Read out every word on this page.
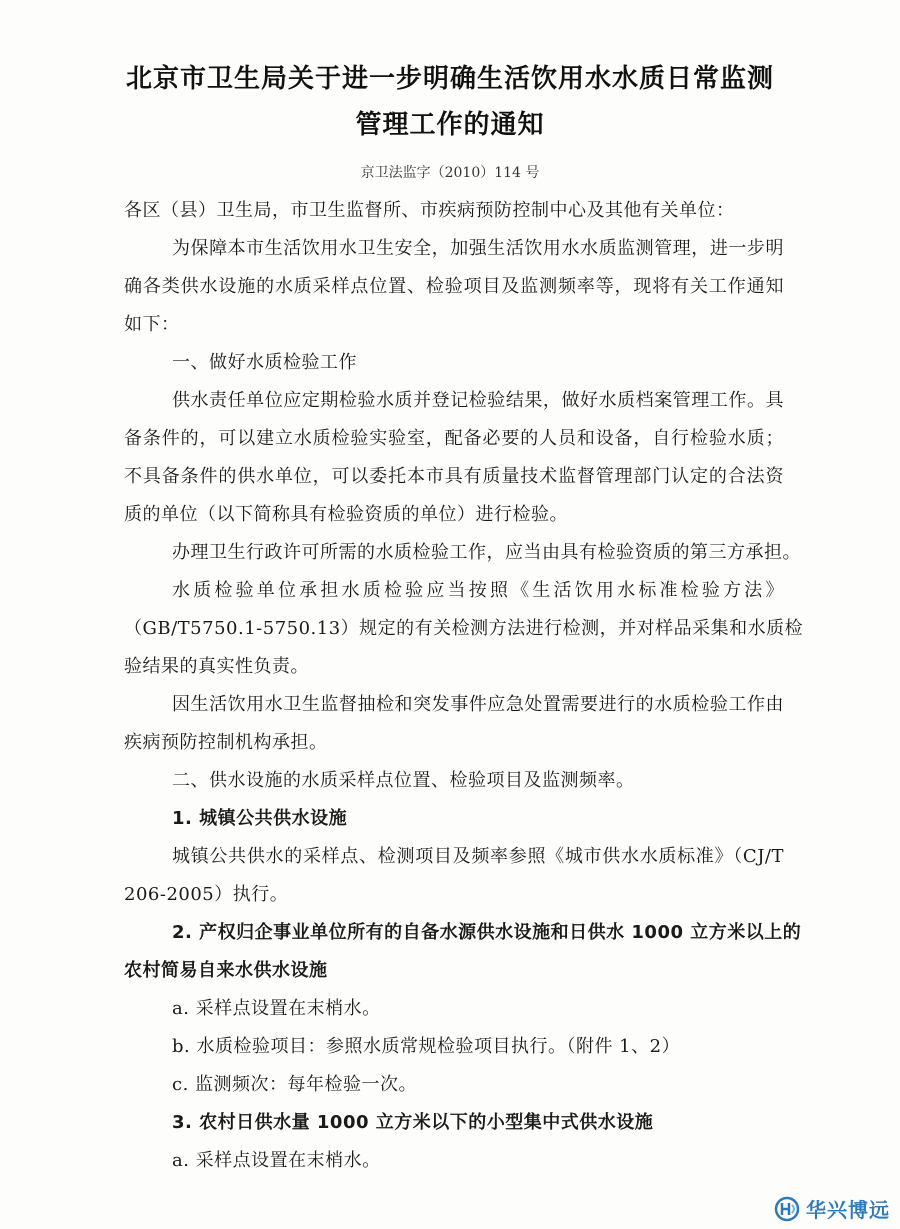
北京市卫生局关于进一步明确生活饮用水水质日常监测
管理工作的通知
京卫法监字（2010）114 号
各区（县）卫生局，市卫生监督所、市疾病预防控制中心及其他有关单位：
为保障本市生活饮用水卫生安全，加强生活饮用水水质监测管理，进一步明
确各类供水设施的水质采样点位置、检验项目及监测频率等，现将有关工作通知
如下：
一、做好水质检验工作
供水责任单位应定期检验水质并登记检验结果，做好水质档案管理工作。具
备条件的，可以建立水质检验实验室，配备必要的人员和设备，自行检验水质；
不具备条件的供水单位，可以委托本市具有质量技术监督管理部门认定的合法资
质的单位（以下简称具有检验资质的单位）进行检验。
办理卫生行政许可所需的水质检验工作，应当由具有检验资质的第三方承担。
水质检验单位承担水质检验应当按照《生活饮用水标准检验方法》
（GB/T5750.1-5750.13）规定的有关检测方法进行检测，并对样品采集和水质检
验结果的真实性负责。
因生活饮用水卫生监督抽检和突发事件应急处置需要进行的水质检验工作由
疾病预防控制机构承担。
二、供水设施的水质采样点位置、检验项目及监测频率。
1. 城镇公共供水设施
城镇公共供水的采样点、检测项目及频率参照《城市供水水质标准》（CJ/T
206-2005）执行。
2. 产权归企事业单位所有的自备水源供水设施和日供水 1000 立方米以上的
农村简易自来水供水设施
a. 采样点设置在末梢水。
b. 水质检验项目：参照水质常规检验项目执行。（附件 1、2）
c. 监测频次：每年检验一次。
3. 农村日供水量 1000 立方米以下的小型集中式供水设施
a. 采样点设置在末梢水。
华兴博远
